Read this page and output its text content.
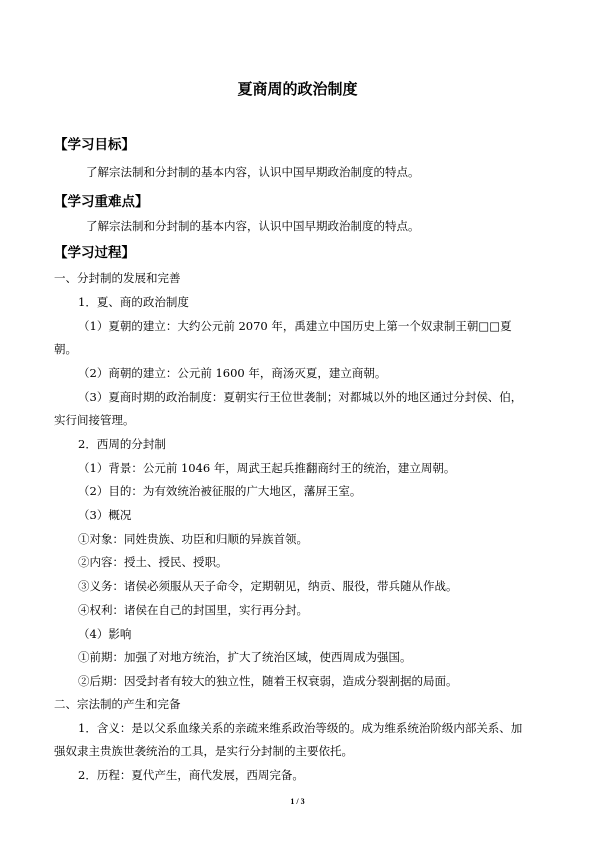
夏商周的政治制度
【学习目标】
了解宗法制和分封制的基本内容，认识中国早期政治制度的特点。
【学习重难点】
了解宗法制和分封制的基本内容，认识中国早期政治制度的特点。
【学习过程】
一、分封制的发展和完善
1．夏、商的政治制度
（1）夏朝的建立：大约公元前 2070 年，禹建立中国历史上第一个奴隶制王朝□□夏
朝。
（2）商朝的建立：公元前 1600 年，商汤灭夏，建立商朝。
（3）夏商时期的政治制度：夏朝实行王位世袭制；对都城以外的地区通过分封侯、伯，
实行间接管理。
2．西周的分封制
（1）背景：公元前 1046 年，周武王起兵推翻商纣王的统治，建立周朝。
（2）目的：为有效统治被征服的广大地区，藩屏王室。
（3）概况
①对象：同姓贵族、功臣和归顺的异族首领。
②内容：授土、授民、授职。
③义务：诸侯必须服从天子命令，定期朝见，纳贡、服役，带兵随从作战。
④权利：诸侯在自己的封国里，实行再分封。
（4）影响
①前期：加强了对地方统治，扩大了统治区域，使西周成为强国。
②后期：因受封者有较大的独立性，随着王权衰弱，造成分裂割据的局面。
二、宗法制的产生和完备
1．含义：是以父系血缘关系的亲疏来维系政治等级的。成为维系统治阶级内部关系、加
强奴隶主贵族世袭统治的工具，是实行分封制的主要依托。
2．历程：夏代产生，商代发展，西周完备。
1 / 3
